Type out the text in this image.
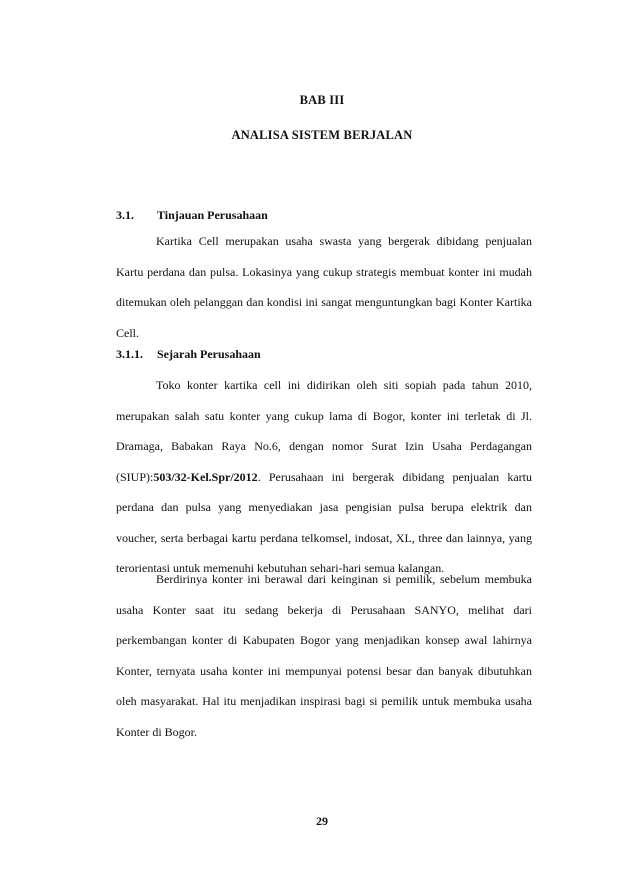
BAB III
ANALISA SISTEM BERJALAN
3.1. Tinjauan Perusahaan

Kartika Cell merupakan usaha swasta yang bergerak dibidang penjualan Kartu perdana dan pulsa. Lokasinya yang cukup strategis membuat konter ini mudah ditemukan oleh pelanggan dan kondisi ini sangat menguntungkan bagi Konter Kartika Cell.

3.1.1. Sejarah Perusahaan

Toko konter kartika cell ini didirikan oleh siti sopiah pada tahun 2010, merupakan salah satu konter yang cukup lama di Bogor, konter ini terletak di Jl. Dramaga, Babakan Raya No.6, dengan nomor Surat Izin Usaha Perdagangan (SIUP):503/32-Kel.Spr/2012. Perusahaan ini bergerak dibidang penjualan kartu perdana dan pulsa yang menyediakan jasa pengisian pulsa berupa elektrik dan voucher, serta berbagai kartu perdana telkomsel, indosat, XL, three dan lainnya, yang terorientasi untuk memenuhi kebutuhan sehari-hari semua kalangan.

Berdirinya konter ini berawal dari keinginan si pemilik, sebelum membuka usaha Konter saat itu sedang bekerja di Perusahaan SANYO, melihat dari perkembangan konter di Kabupaten Bogor yang menjadikan konsep awal lahirnya Konter, ternyata usaha konter ini mempunyai potensi besar dan banyak dibutuhkan oleh masyarakat. Hal itu menjadikan inspirasi bagi si pemilik untuk membuka usaha Konter di Bogor.

29
